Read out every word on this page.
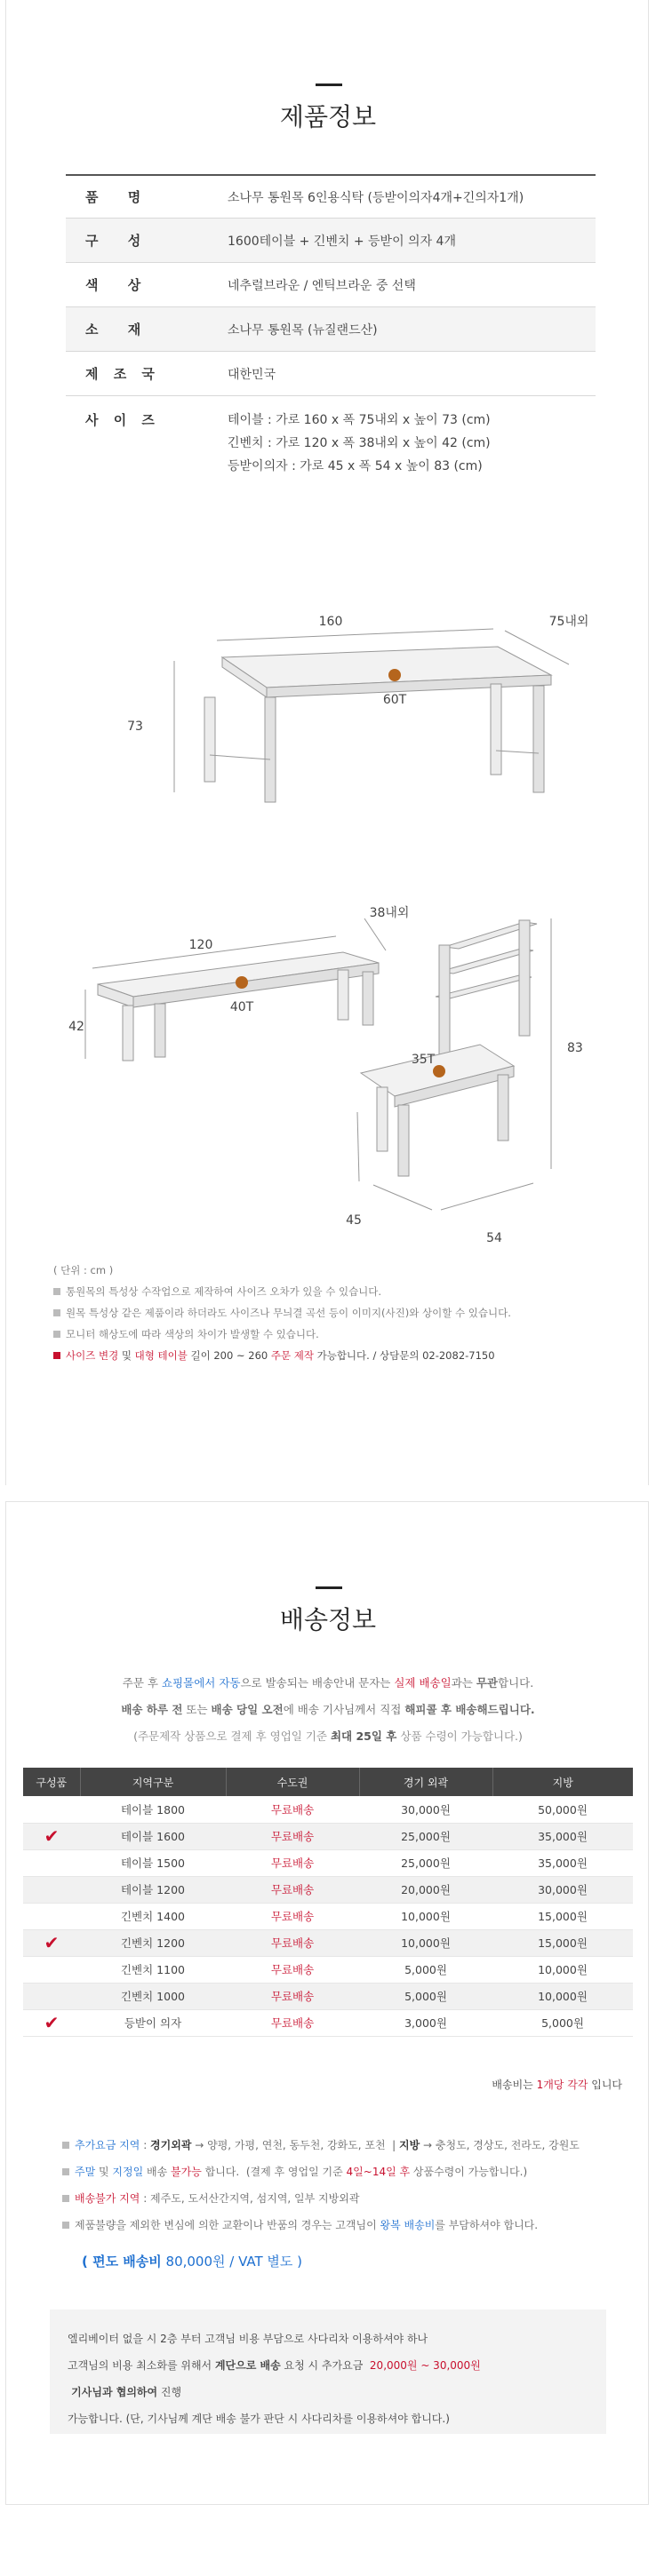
제품정보
품 명	소나무 통원목 6인용식탁 (등받이의자4개+긴의자1개)
구 성	1600테이블 + 긴벤치 + 등받이 의자 4개
색 상	네추럴브라운 / 엔틱브라운 중 선택
소 재	소나무 통원목 (뉴질랜드산)
제 조 국	대한민국
사 이 즈	테이블 : 가로 160 x 폭 75내외 x 높이 73 (cm)
긴벤치 : 가로 120 x 폭 38내외 x 높이 42 (cm)
등받이의자 : 가로 45 x 폭 54 x 높이 83 (cm)
160	75내외
73
60T
120
38내외
42
40T
35T
83
45
54
( 단위 : cm )
통원목의 특성상 수작업으로 제작하여 사이즈 오차가 있을 수 있습니다.
원목 특성상 같은 제품이라 하더라도 사이즈나 무늬결 곡선 등이 이미지(사진)와 상이할 수 있습니다.
모니터 해상도에 따라 색상의 차이가 발생할 수 있습니다.
사이즈 변경 및 대형 테이블 길이 200 ~ 260 주문 제작 가능합니다. / 상담문의 02-2082-7150
배송정보
주문 후 쇼핑몰에서 자동으로 발송되는 배송안내 문자는 실제 배송일과는 무관합니다.
배송 하루 전 또는 배송 당일 오전에 배송 기사님께서 직접 해피콜 후 배송해드립니다.
(주문제작 상품으로 결제 후 영업일 기준 최대 25일 후 상품 수령이 가능합니다.)
구성품	지역구분	수도권	경기 외곽	지방
	테이블 1800	무료배송	30,000원	50,000원
✔	테이블 1600	무료배송	25,000원	35,000원
	테이블 1500	무료배송	25,000원	35,000원
	테이블 1200	무료배송	20,000원	30,000원
	긴벤치 1400	무료배송	10,000원	15,000원
✔	긴벤치 1200	무료배송	10,000원	15,000원
	긴벤치 1100	무료배송	5,000원	10,000원
	긴벤치 1000	무료배송	5,000원	10,000원
✔	등받이 의자	무료배송	3,000원	5,000원
배송비는 1개당 각각 입니다
추가요금 지역 : 경기외곽 → 양평, 가평, 연천, 동두천, 강화도, 포천  | 지방 → 충청도, 경상도, 전라도, 강원도
주말 및 지정일 배송 불가능 합니다.  (결제 후 영업일 기준 4일~14일 후 상품수령이 가능합니다.)
배송불가 지역 : 제주도, 도서산간지역, 섬지역, 일부 지방외곽
제품불량을 제외한 변심에 의한 교환이나 반품의 경우는 고객님이 왕복 배송비 를 부담하셔야 합니다.
( 편도 배송비 80,000원 / VAT 별도 )
엘리베이터 없을 시 2층 부터 고객님 비용 부담으로 사다리차 이용하셔야 하나
고객님의 비용 최소화를 위해서 계단으로 배송 요청 시 추가요금  20,000원 ~ 30,000원 기사님과 협의하여 진행
가능합니다. (단, 기사님께 계단 배송 불가 판단 시 사다리차를 이용하셔야 합니다.)
